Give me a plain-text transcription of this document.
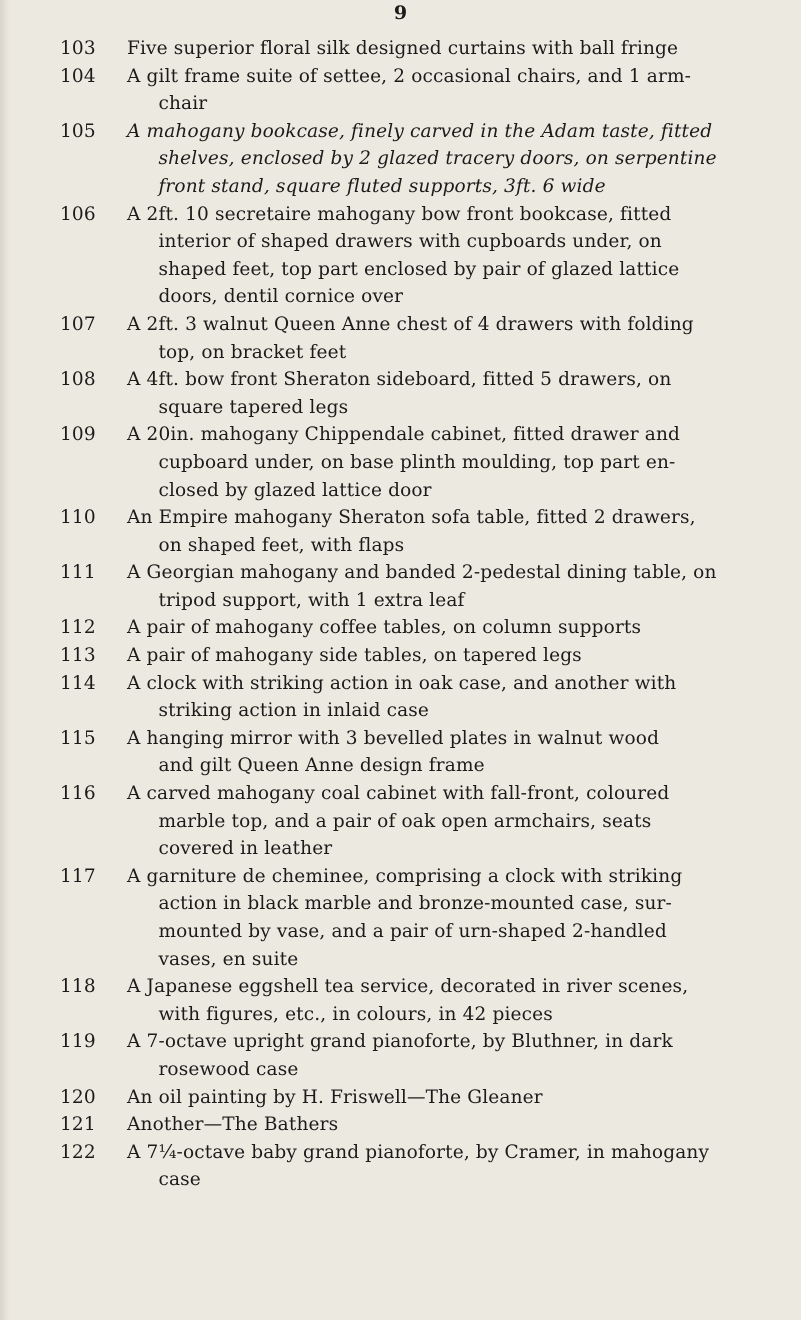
9
103	Five superior floral silk designed curtains with ball fringe
104	A gilt frame suite of settee, 2 occasional chairs, and 1 arm-
chair
105	A mahogany bookcase, finely carved in the Adam taste, fitted
shelves, enclosed by 2 glazed tracery doors, on serpentine
front stand, square fluted supports, 3ft. 6 wide
106	A 2ft. 10 secretaire mahogany bow front bookcase, fitted
interior of shaped drawers with cupboards under, on
shaped feet, top part enclosed by pair of glazed lattice
doors, dentil cornice over
107	A 2ft. 3 walnut Queen Anne chest of 4 drawers with folding
top, on bracket feet
108	A 4ft. bow front Sheraton sideboard, fitted 5 drawers, on
square tapered legs
109	A 20in. mahogany Chippendale cabinet, fitted drawer and
cupboard under, on base plinth moulding, top part en-
closed by glazed lattice door
110	An Empire mahogany Sheraton sofa table, fitted 2 drawers,
on shaped feet, with flaps
111	A Georgian mahogany and banded 2-pedestal dining table, on
tripod support, with 1 extra leaf
112	A pair of mahogany coffee tables, on column supports
113	A pair of mahogany side tables, on tapered legs
114	A clock with striking action in oak case, and another with
striking action in inlaid case
115	A hanging mirror with 3 bevelled plates in walnut wood
and gilt Queen Anne design frame
116	A carved mahogany coal cabinet with fall-front, coloured
marble top, and a pair of oak open armchairs, seats
covered in leather
117	A garniture de cheminee, comprising a clock with striking
action in black marble and bronze-mounted case, sur-
mounted by vase, and a pair of urn-shaped 2-handled
vases, en suite
118	A Japanese eggshell tea service, decorated in river scenes,
with figures, etc., in colours, in 42 pieces
119	A 7-octave upright grand pianoforte, by Bluthner, in dark
rosewood case
120	An oil painting by H. Friswell—The Gleaner
121	Another—The Bathers
122	A 7¼-octave baby grand pianoforte, by Cramer, in mahogany
case
